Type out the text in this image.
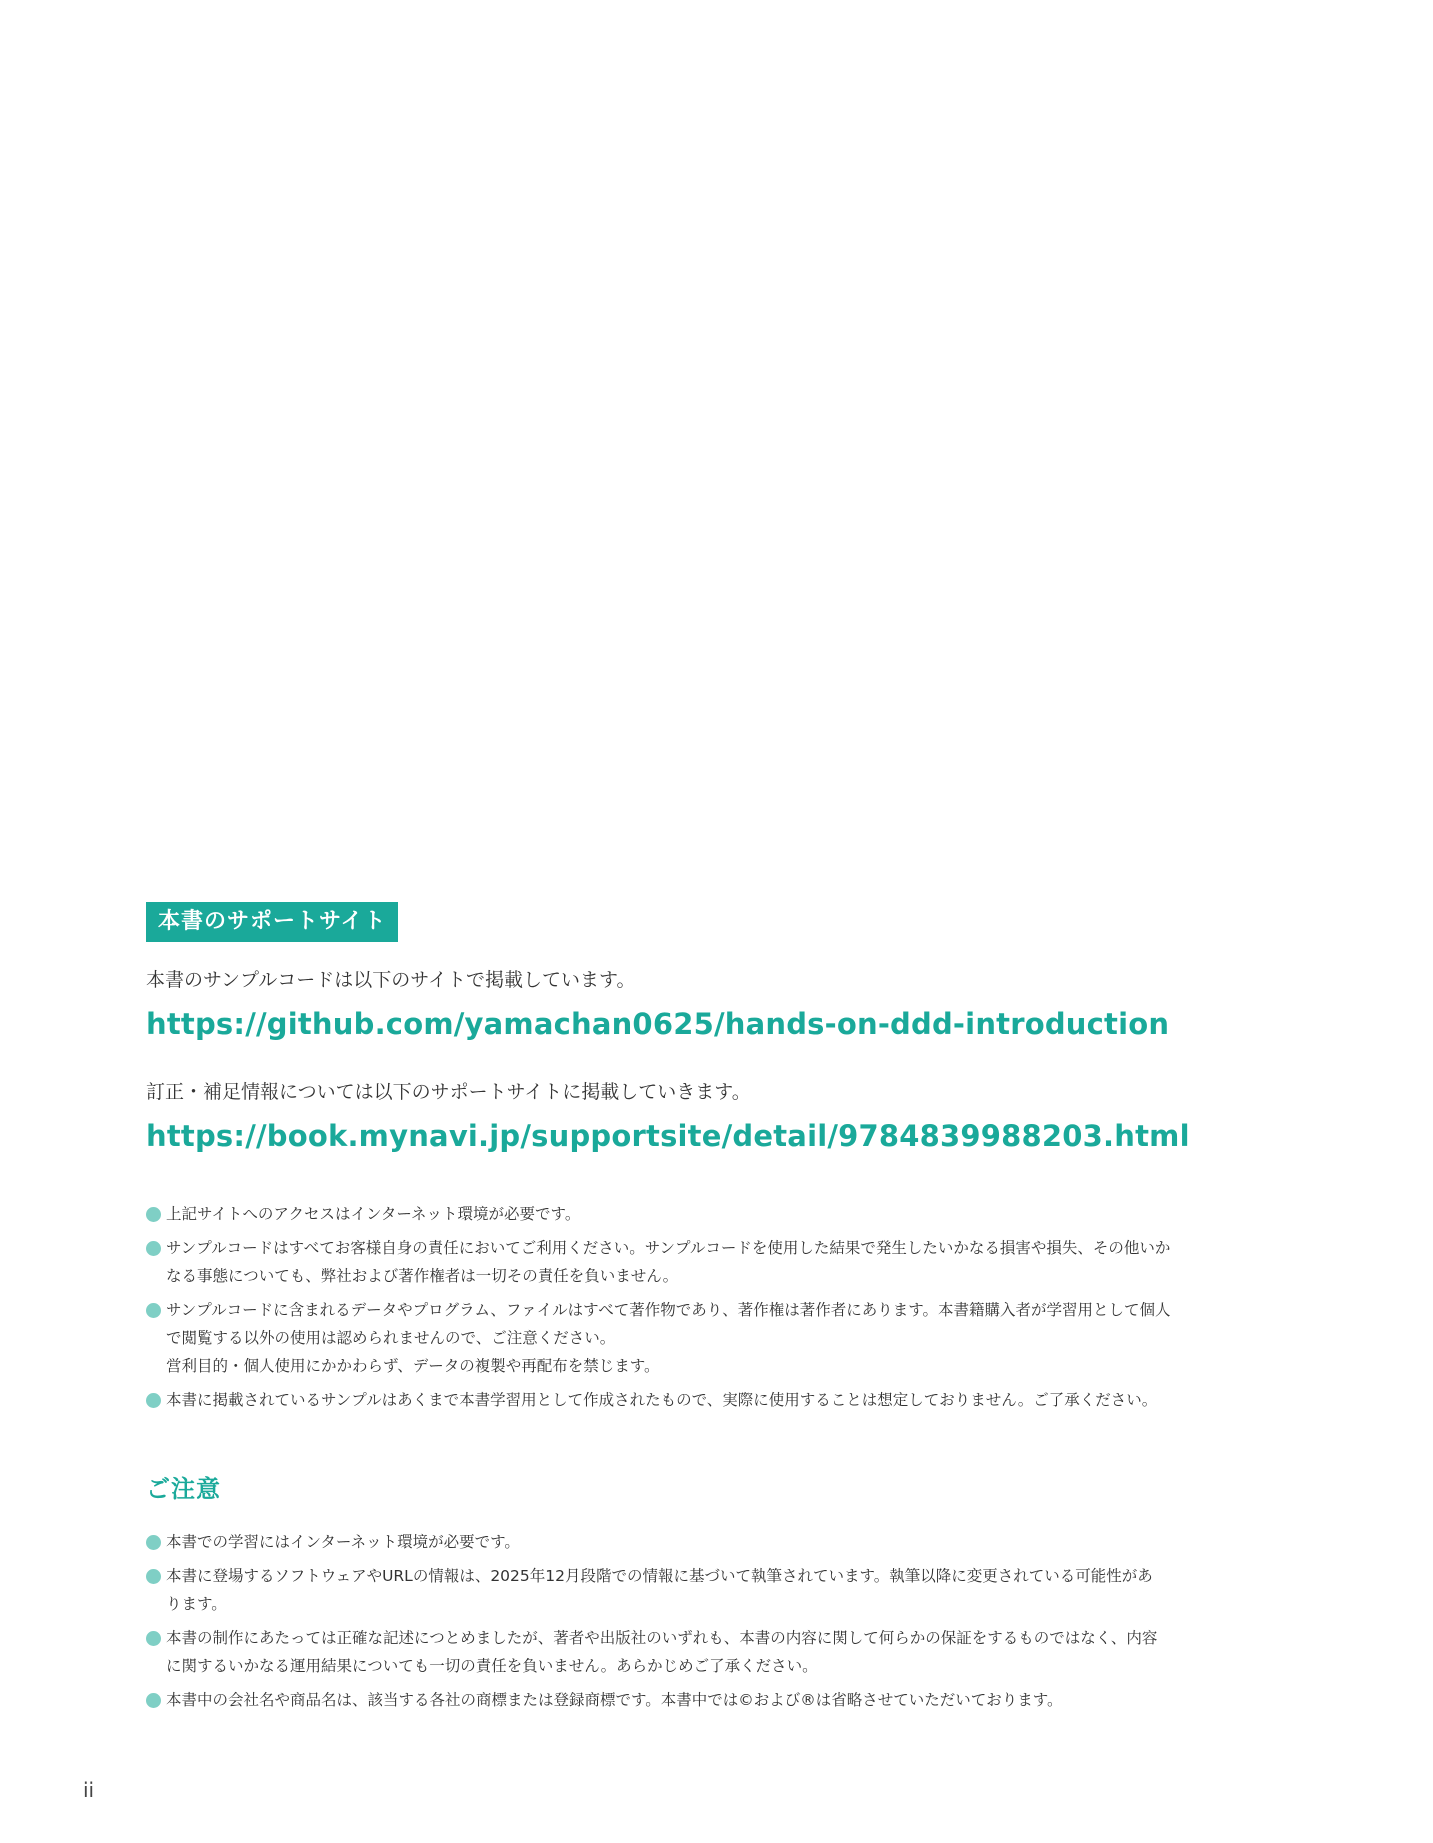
本書のサポートサイト

本書のサンプルコードは以下のサイトで掲載しています。

https://github.com/yamachan0625/hands-on-ddd-introduction

訂正・補足情報については以下のサポートサイトに掲載していきます。

https://book.mynavi.jp/supportsite/detail/9784839988203.html
上記サイトへのアクセスはインターネット環境が必要です。
サンプルコードはすべてお客様自身の責任においてご利用ください。サンプルコードを使用した結果で発生したいかなる損害や損失、その他いか
なる事態についても、弊社および著作権者は一切その責任を負いません。
サンプルコードに含まれるデータやプログラム、ファイルはすべて著作物であり、著作権は著作者にあります。本書籍購入者が学習用として個人
で閲覧する以外の使用は認められませんので、ご注意ください。
営利目的・個人使用にかかわらず、データの複製や再配布を禁じます。
本書に掲載されているサンプルはあくまで本書学習用として作成されたもので、実際に使用することは想定しておりません。ご了承ください。
ご注意
本書での学習にはインターネット環境が必要です。
本書に登場するソフトウェアやURLの情報は、2025年12月段階での情報に基づいて執筆されています。執筆以降に変更されている可能性があ
ります。
本書の制作にあたっては正確な記述につとめましたが、著者や出版社のいずれも、本書の内容に関して何らかの保証をするものではなく、内容
に関するいかなる運用結果についても一切の責任を負いません。あらかじめご了承ください。
本書中の会社名や商品名は、該当する各社の商標または登録商標です。本書中では©および®は省略させていただいております。
ii
